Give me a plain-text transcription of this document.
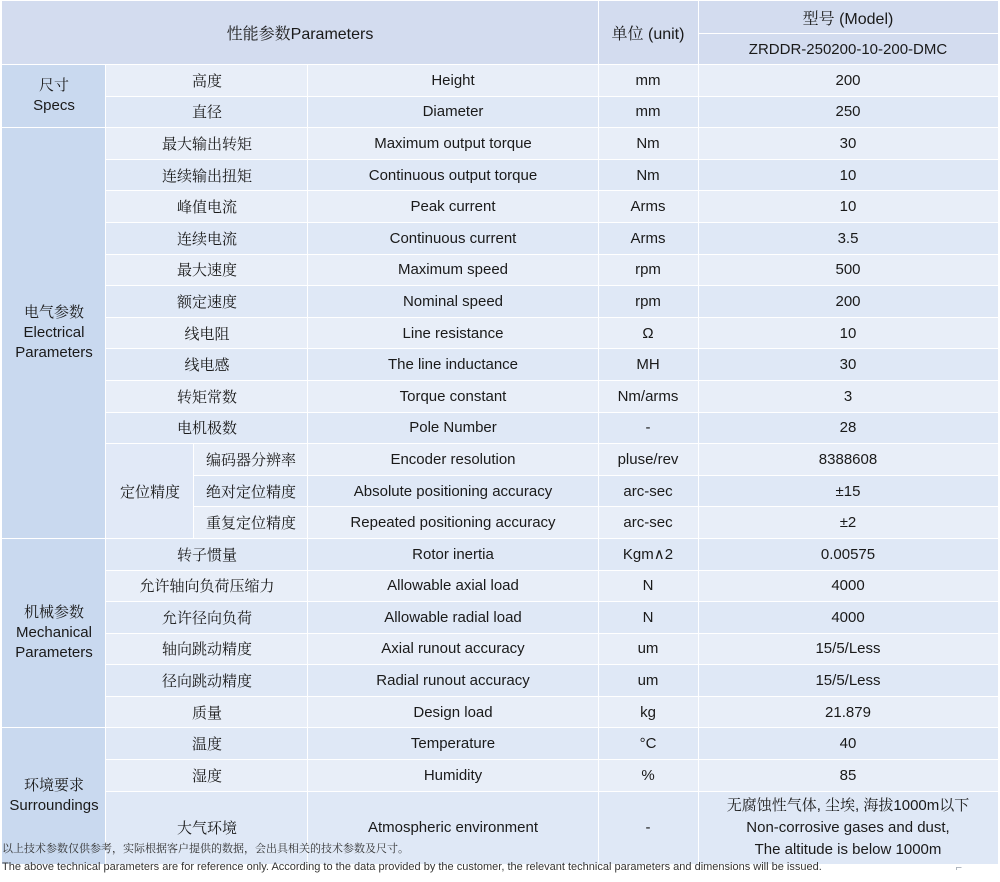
性能参数Parameters				单位 (unit)	型号 (Model)
					ZRDDR-250200-10-200-DMC

尺寸
Specs	高度		Height	mm	200
	直径		Diameter	mm	250

电气参数
Electrical Parameters	最大输出转矩		Maximum output torque	Nm	30
	连续输出扭矩		Continuous output torque	Nm	10
	峰值电流		Peak current	Arms	10
	连续电流		Continuous current	Arms	3.5
	最大速度		Maximum speed	rpm	500
	额定速度		Nominal speed	rpm	200
	线电阻		Line resistance	Ω	10
	线电感		The line inductance	MH	30
	转矩常数		Torque constant	Nm/arms	3
	电机极数		Pole Number	-	28
	定位精度	编码器分辨率	Encoder resolution	pluse/rev	8388608
		绝对定位精度	Absolute positioning accuracy	arc-sec	±15
		重复定位精度	Repeated positioning accuracy	arc-sec	±2

机械参数
Mechanical Parameters	转子惯量		Rotor inertia	Kgm∧2	0.00575
	允许轴向负荷压缩力		Allowable axial load	N	4000
	允许径向负荷		Allowable radial load	N	4000
	轴向跳动精度		Axial runout accuracy	um	15/5/Less
	径向跳动精度		Radial runout accuracy	um	15/5/Less
	质量		Design load	kg	21.879

环境要求
Surroundings	温度		Temperature	°C	40
	湿度		Humidity	%	85
	大气环境		Atmospheric environment	-	无腐蚀性气体, 尘埃, 海拔1000m以下
Non-corrosive gases and dust,
The altitude is below 1000m
以上技术参数仅供参考，实际根据客户提供的数据，会出具相关的技术参数及尺寸。
The above technical parameters are for reference only. According to the data provided by the customer, the relevant technical parameters and dimensions will be issued.	⌐
